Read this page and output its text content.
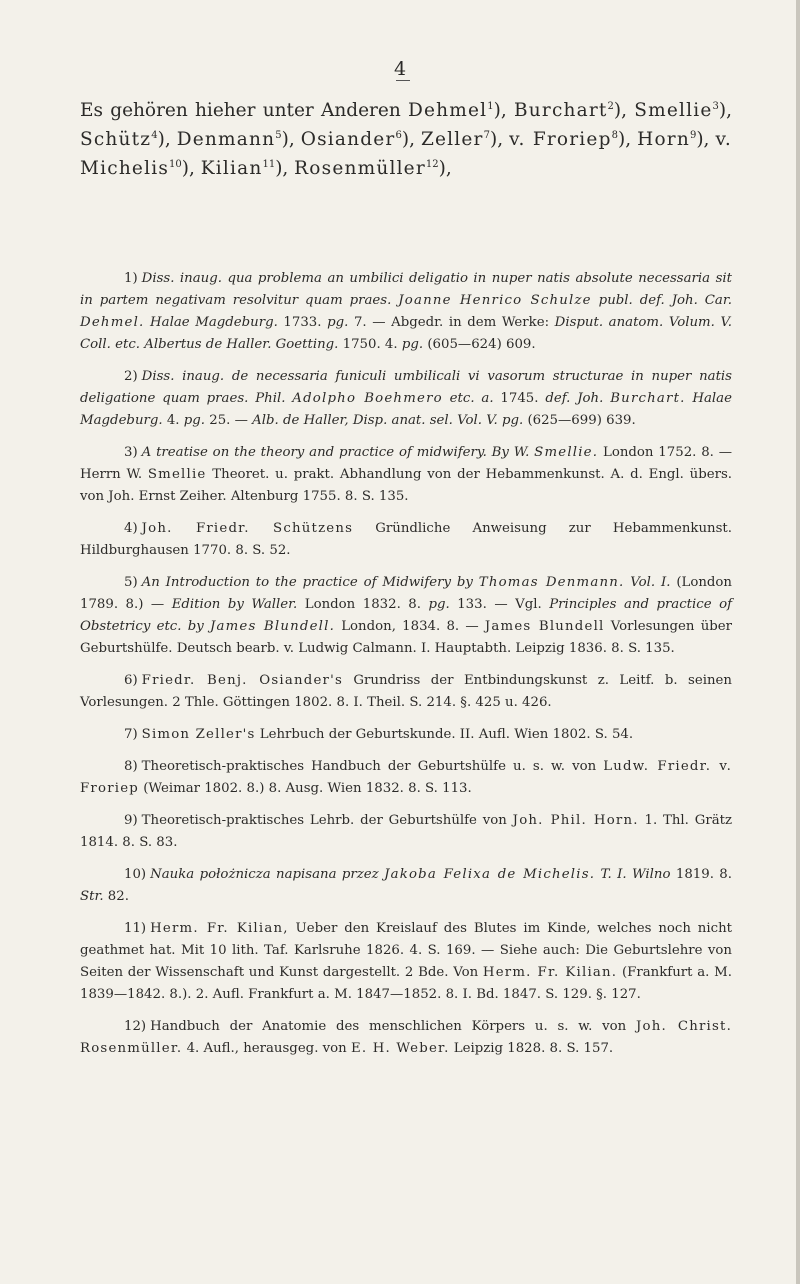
4
Es gehören hieher unter Anderen Dehmel$^1$), Burchart$^2$), Smellie$^3$), Schütz$^4$), Denmann$^5$), Osiander$^6$), Zeller$^7$), v. Froriep$^8$), Horn$^9$), v. Michelis$^{10}$), Kilian$^{11}$), Rosenmüller$^{12}$),

1) Diss. inaug. qua problema an umbilici deligatio in nuper natis absolute necessaria sit in partem negativam resolvitur quam praes. Joanne Henrico Schulze publ. def. Joh. Car. Dehmel. Halae Magdeburg. 1733. pg. 7. — Abgedr. in dem Werke: Disput. anatom. Volum. V. Coll. etc. Albertus de Haller. Goetting. 1750. 4. pg. (605—624) 609.

2) Diss. inaug. de necessaria funiculi umbilicali vi vasorum structurae in nuper natis deligatione quam praes. Phil. Adolpho Boehmero etc. a. 1745. def. Joh. Burchart. Halae Magdeburg. 4. pg. 25. — Alb. de Haller, Disp. anat. sel. Vol. V. pg. (625—699) 639.

3) A treatise on the theory and practice of midwifery. By W. Smellie. London 1752. 8. — Herrn W. Smellie Theoret. u. prakt. Abhandlung von der Hebammenkunst. A. d. Engl. übers. von Joh. Ernst Zeiher. Altenburg 1755. 8. S. 135.

4) Joh. Friedr. Schützens Gründliche Anweisung zur Hebammenkunst. Hildburghausen 1770. 8. S. 52.

5) An Introduction to the practice of Midwifery by Thomas Denmann. Vol. I. (London 1789. 8.) — Edition by Waller. London 1832. 8. pg. 133. — Vgl. Principles and practice of Obstetricy etc. by James Blundell. London, 1834. 8. — James Blundell Vorlesungen über Geburtshülfe. Deutsch bearb. v. Ludwig Calmann. I. Hauptabth. Leipzig 1836. 8. S. 135.

6) Friedr. Benj. Osiander's Grundriss der Entbindungskunst z. Leitf. b. seinen Vorlesungen. 2 Thle. Göttingen 1802. 8. I. Theil. S. 214. §. 425 u. 426.

7) Simon Zeller's Lehrbuch der Geburtskunde. II. Aufl. Wien 1802. S. 54.

8) Theoretisch-praktisches Handbuch der Geburtshülfe u. s. w. von Ludw. Friedr. v. Froriep (Weimar 1802. 8.) 8. Ausg. Wien 1832. 8. S. 113.

9) Theoretisch-praktisches Lehrb. der Geburtshülfe von Joh. Phil. Horn. 1. Thl. Grätz 1814. 8. S. 83.

10) Nauka położnicza napisana przez Jakoba Felixa de Michelis. T. I. Wilno 1819. 8. Str. 82.

11) Herm. Fr. Kilian, Ueber den Kreislauf des Blutes im Kinde, welches noch nicht geathmet hat. Mit 10 lith. Taf. Karlsruhe 1826. 4. S. 169. — Siehe auch: Die Geburtslehre von Seiten der Wissenschaft und Kunst dargestellt. 2 Bde. Von Herm. Fr. Kilian. (Frankfurt a. M. 1839—1842. 8.). 2. Aufl. Frankfurt a. M. 1847—1852. 8. I. Bd. 1847. S. 129. §. 127.

12) Handbuch der Anatomie des menschlichen Körpers u. s. w. von Joh. Christ. Rosenmüller. 4. Aufl., herausgeg. von E. H. Weber. Leipzig 1828. 8. S. 157.
